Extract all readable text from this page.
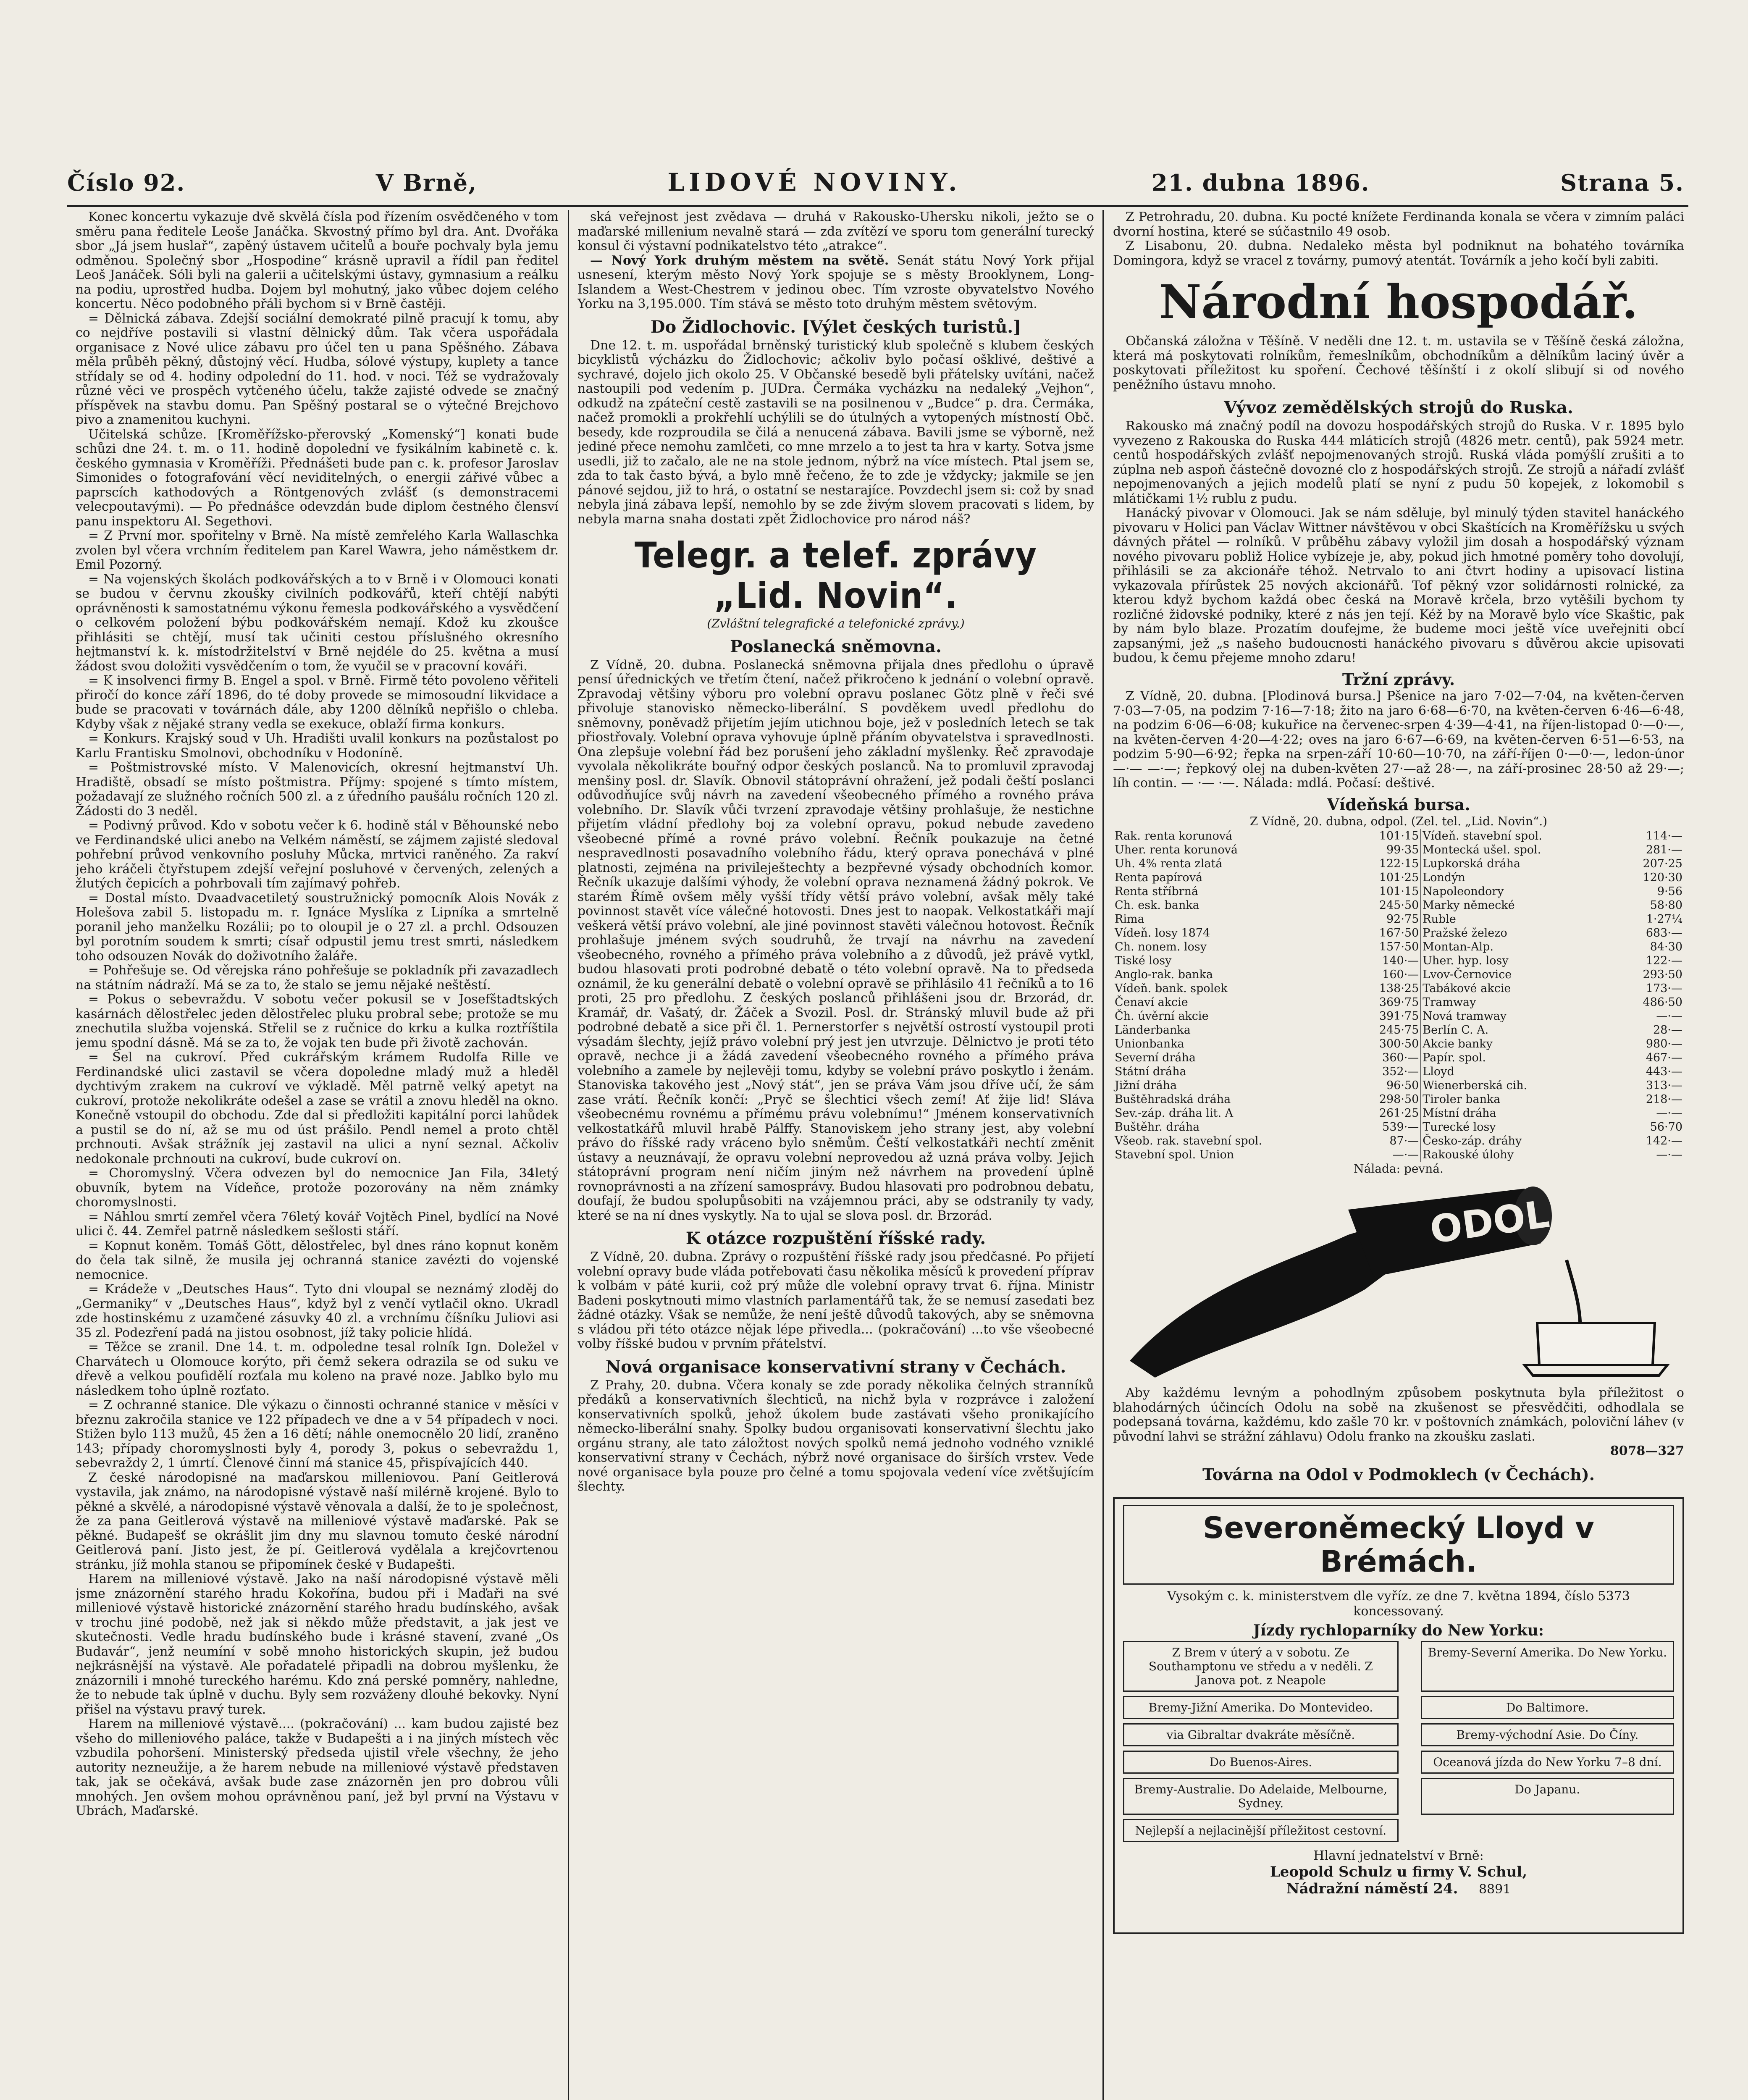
Číslo 92.	V Brně,	LIDOVÉ NOVINY.	21. dubna 1896.	Strana 5.

Konec koncertu vykazuje dvě skvělá čísla pod řízením osvědčeného v tom směru pana ředitele Leoše Janáčka. Skvostný přímo byl dra. Ant. Dvořáka sbor „Já jsem huslař“, zapěný ústavem učitelů a bouře pochvaly byla jemu odměnou. Společný sbor „Hospodine“ krásně upravil a řídil pan ředitel Leoš Janáček. Sóli byli na galerii a učitelskými ústavy, gymnasium a reálku na podiu, uprostřed hudba. Dojem byl mohutný, jako vůbec dojem celého koncertu. Něco podobného přáli bychom si v Brně častěji.

= Dělnická zábava. Zdejší sociální demokraté pilně pracují k tomu, aby co nejdříve postavili si vlastní dělnický dům. Tak včera uspořádala organisace z Nové ulice zábavu pro účel ten u pana Spěšného. Zábava měla průběh pěkný, důstojný věcí. Hudba, sólové výstupy, kuplety a tance střídaly se od 4. hodiny odpolední do 11. hod. v noci. Též se vydražovaly různé věci ve prospěch vytčeného účelu, takže zajisté odvede se značný příspěvek na stavbu domu. Pan Spěšný postaral se o výtečné Brejchovo pivo a znamenitou kuchyni.

Učitelská schůze. [Kroměřížsko-přerovský „Komenský“] konati bude schůzi dne 24. t. m. o 11. hodině dopolední ve fysikálním kabinetě c. k. českého gymnasia v Kroměříži. Přednášeti bude pan c. k. profesor Jaroslav Simonides o fotografování věcí neviditelných, o energii zářivé vůbec a paprscích kathodových a Röntgenových zvlášť (s demonstracemi velecpoutavými). — Po přednášce odevzdán bude diplom čestného člensví panu inspektoru Al. Segethovi.

= Z První mor. spořitelny v Brně. Na místě zemřelého Karla Wallaschka zvolen byl včera vrchním ředitelem pan Karel Wawra, jeho náměstkem dr. Emil Pozorný.

= Na vojenských školách podkovářských a to v Brně i v Olomouci konati se budou v červnu zkoušky civilních podkovářů, kteří chtějí nabýti oprávněnosti k samostatnému výkonu řemesla podkovářského a vysvědčení o celkovém položení býbu podkovářském nemají. Kdož ku zkoušce přihlásiti se chtějí, musí tak učiniti cestou příslušného okresního hejtmanství k. k. místodržitelství v Brně nejdéle do 25. května a musí žádost svou doložiti vysvědčením o tom, že vyučil se v pracovní kováři.

= K insolvenci firmy B. Engel a spol. v Brně. Firmě této povoleno věřiteli přiročí do konce září 1896, do té doby provede se mimosoudní likvidace a bude se pracovati v továrnách dále, aby 1200 dělníků nepřišlo o chleba. Kdyby však z nějaké strany vedla se exekuce, oblaží firma konkurs.

= Konkurs. Krajský soud v Uh. Hradišti uvalil konkurs na pozůstalost po Karlu Frantisku Smolnovi, obchodníku v Hodoníně.

= Poštmistrovské místo. V Malenovicích, okresní hejtmanství Uh. Hradiště, obsadí se místo poštmistra. Příjmy: spojené s tímto místem, požadavají ze služného ročních 500 zl. a z úředního paušálu ročních 120 zl. Žádosti do 3 neděl.

= Podivný průvod. Kdo v sobotu večer k 6. hodině stál v Běhounské nebo ve Ferdinandské ulici anebo na Velkém náměstí, se zájmem zajisté sledoval pohřební průvod venkovního posluhy Můcka, mrtvici raněného. Za rakví jeho kráčeli čtyřstupem zdejší veřejní posluhové v červených, zelených a žlutých čepicích a pohrbovali tím zajímavý pohřeb.

= Dostal místo. Dvaadvacetiletý soustružnický pomocník Alois Novák z Holešova zabil 5. listopadu m. r. Ignáce Myslíka z Lipníka a smrtelně poranil jeho manželku Rozálii; po to oloupil je o 27 zl. a prchl. Odsouzen byl porotním soudem k smrti; císař odpustil jemu trest smrti, následkem toho odsouzen Novák do doživotního žaláře.

= Pohřešuje se. Od věrejska ráno pohřešuje se pokladník při zavazadlech na státním nádraží. Má se za to, že stalo se jemu nějaké neštěstí.

= Pokus o sebevraždu. V sobotu večer pokusil se v Josefštadtských kasárnách dělostřelec jeden dělostřelec pluku probral sebe; protože se mu znechutila služba vojenská. Střelil se z ručnice do krku a kulka roztříštila jemu spodní dásně. Má se za to, že vojak ten bude při životě zachován.

= Šel na cukroví. Před cukrářským krámem Rudolfa Rille ve Ferdinandské ulici zastavil se včera dopoledne mladý muž a hleděl dychtivým zrakem na cukroví ve výkladě. Měl patrně velký apetyt na cukroví, protože nekolikráte odešel a zase se vrátil a znovu hleděl na okno. Konečně vstoupil do obchodu. Zde dal si předložiti kapitální porci lahůdek a pustil se do ní, až se mu od úst prášilo. Pendl nemel a proto chtěl prchnouti. Avšak strážník jej zastavil na ulici a nyní seznal. Ačkoliv nedokonale prchnouti na cukroví, bude cukroví on.

= Choromyslný. Včera odvezen byl do nemocnice Jan Fila, 34letý obuvník, bytem na Vídeňce, protože pozorovány na něm známky choromyslnosti.

= Náhlou smrtí zemřel včera 76letý kovář Vojtěch Pinel, bydlící na Nové ulici č. 44. Zemřel patrně následkem sešlosti stáří.

= Kopnut koněm. Tomáš Gött, dělostřelec, byl dnes ráno kopnut koněm do čela tak silně, že musila jej ochranná stanice zavézti do vojenské nemocnice.

= Krádeže v „Deutsches Haus“. Tyto dni vloupal se neznámý zloděj do „Germaniky“ v „Deutsches Haus“, když byl z venčí vytlačil okno. Ukradl zde hostinskému z uzamčené zásuvky 40 zl. a vrchnímu číšníku Juliovi asi 35 zl. Podezření padá na jistou osobnost, jíž taky policie hlídá.

= Těžce se zranil. Dne 14. t. m. odpoledne tesal rolník Ign. Doležel v Charvátech u Olomouce korýto, při čemž sekera odrazila se od suku ve dřevě a velkou poufidělí rozťala mu koleno na pravé noze. Jablko bylo mu následkem toho úplně rozťato.

= Z ochranné stanice. Dle výkazu o činnosti ochranné stanice v měsíci v březnu zakročila stanice ve 122 případech ve dne a v 54 případech v noci. Stižen bylo 113 mužů, 45 žen a 16 dětí; náhle onemocnělo 20 lidí, zraněno 143; případy choromyslnosti byly 4, porody 3, pokus o sebevraždu 1, sebevraždy 2, 1 úmrtí. Členové činní má stanice 45, přispívajících 440.

Z české národopisné na maďarskou milleniovou. Paní Geitlerová vystavila, jak známo, na národopisné výstavě naší milérně krojené. Bylo to pěkné a skvělé, a národopisné výstavě věnovala a další, že to je společnost, že za pana Geitlerová výstavě na milleniové výstavě maďarské. Pak se pěkné. Budapešť se okrášlit jim dny mu slavnou tomuto české národní Geitlerová paní. Jisto jest, že pí. Geitlerová vydělala a krejčovrtenou stránku, jíž mohla stanou se připomínek české v Budapešti.

Harem na milleniové výstavě. Jako na naší národopisné výstavě měli jsme znázornění starého hradu Kokořína, budou při i Maďaři na své milleniové výstavě historické znázornění starého hradu budínského, avšak v trochu jiné podobě, než jak si někdo může představit, a jak jest ve skutečnosti. Vedle hradu budínského bude i krásné stavení, zvané „Os Budavár“, jenž neumíní v sobě mnoho historických skupin, jež budou nejkrásnější na výstavě. Ale pořadatelé připadli na dobrou myšlenku, že znázornili i mnohé tureckého harému. Kdo zná perské pomněry, nahledne, že to nebude tak úplně v duchu. Byly sem rozváženy dlouhé bekovky. Nyní přišel na výstavu pravý turek.

Harem na milleniové výstavě.... (pokračování) ... kam budou zajisté bez všeho do milleniového paláce, takže v Budapešti a i na jiných místech věc vzbudila pohoršení. Ministerský předseda ujistil vřele všechny, že jeho autority nezneužije, a že harem nebude na milleniové výstavě představen tak, jak se očekává, avšak bude zase znázorněn jen pro dobrou vůli mnohých. Jen ovšem mohou oprávněnou paní, jež byl první na Výstavu v Ubrách, Maďarské.

ská veřejnost jest zvědava — druhá v Rakousko-Uhersku nikoli, ježto se o maďarské millenium nevalně stará — zda zvítězí ve sporu tom generální turecký konsul či výstavní podnikatelstvo této „atrakce“.

— Nový York druhým městem na světě. Senát státu Nový York přijal usnesení, kterým město Nový York spojuje se s městy Brooklynem, Long-Islandem a West-Chestrem v jedinou obec. Tím vzroste obyvatelstvo Nového Yorku na 3,195.000. Tím stává se město toto druhým městem světovým.

Do Židlochovic. [Výlet českých turistů.]

Dne 12. t. m. uspořádal brněnský turistický klub společně s klubem českých bicyklistů výcházku do Židlochovic; ačkoliv bylo počasí ošklivé, deštivé a sychravé, dojelo jich okolo 25. V Občanské besedě byli přátelsky uvítáni, načež nastoupili pod vedením p. JUDra. Čermáka vycházku na nedaleký „Vejhon“, odkudž na zpáteční cestě zastavili se na posilnenou v „Budce“ p. dra. Čermáka, načež promokli a prokřehlí uchýlili se do útulných a vytopených místností Obč. besedy, kde rozproudila se čilá a nenucená zábava. Bavili jsme se výborně, než jediné přece nemohu zamlčeti, co mne mrzelo a to jest ta hra v karty. Sotva jsme usedli, již to začalo, ale ne na stole jednom, nýbrž na více místech. Ptal jsem se, zda to tak často bývá, a bylo mně řečeno, že to zde je vždycky; jakmile se jen pánové sejdou, již to hrá, o ostatní se nestarajíce. Povzdechl jsem si: což by snad nebyla jiná zábava lepší, nemohlo by se zde živým slovem pracovati s lidem, by nebyla marna snaha dostati zpět Židlochovice pro národ náš?

Telegr. a telef. zprávy „Lid. Novin“.
(Zvláštní telegrafické a telefonické zprávy.)
Poslanecká sněmovna.

Z Vídně, 20. dubna. Poslanecká sněmovna přijala dnes předlohu o úpravě pensí úřednických ve třetím čtení, načež přikročeno k jednání o volební opravě. Zpravodaj většiny výboru pro volební opravu poslanec Götz plně v řeči své přivoluje stanovisko německo-liberální. S povděkem uvedl předlohu do sněmovny, poněvadž přijetím jejím utichnou boje, jež v posledních letech se tak přiostřovaly. Volební oprava vyhovuje úplně přáním obyvatelstva i spravedlnosti. Ona zlepšuje volební řád bez porušení jeho základní myšlenky. Řeč zpravodaje vyvolala několikráte bouřný odpor českých poslanců. Na to promluvil zpravodaj menšiny posl. dr. Slavík. Obnovil státoprávní ohražení, jež podali čeští poslanci odůvodňujíce svůj návrh na zavedení všeobecného přímého a rovného práva volebního. Dr. Slavík vůči tvrzení zpravodaje většiny prohlašuje, že nestichne přijetím vládní předlohy boj za volební opravu, pokud nebude zavedeno všeobecné přímé a rovné právo volební. Řečník poukazuje na četné nespravedlnosti posavadního volebního řádu, který oprava ponechává v plné platnosti, zejména na privileještechty a bezpřevné výsady obchodních komor. Řečník ukazuje dalšími výhody, že volební oprava neznamená žádný pokrok. Ve starém Římě ovšem měly vyšší třídy větší právo volební, avšak měly také povinnost stavět více válečné hotovosti. Dnes jest to naopak. Velkostatkáři mají veškerá větší právo volební, ale jiné povinnost stavěti válečnou hotovost. Řečník prohlašuje jménem svých soudruhů, že trvají na návrhu na zavedení všeobecného, rovného a přímého práva volebního a z důvodů, jež právě vytkl, budou hlasovati proti podrobné debatě o této volební opravě. Na to předseda oznámil, že ku generální debatě o volební opravě se přihlásilo 41 řečníků a to 16 proti, 25 pro předlohu. Z českých poslanců přihlášeni jsou dr. Brzorád, dr. Kramář, dr. Vašatý, dr. Žáček a Svozil. Posl. dr. Stránský mluvil bude až při podrobné debatě a sice při čl. 1. Pernerstorfer s největší ostrostí vystoupil proti výsadám šlechty, jejíž právo volební prý jest jen utvrzuje. Dělnictvo je proti této opravě, nechce ji a žádá zavedení všeobecného rovného a přímého práva volebního a zamele by nejlevěji tomu, kdyby se volební právo poskytlo i ženám. Stanoviska takového jest „Nový stát“, jen se práva Vám jsou dříve učí, že sám zase vrátí. Řečník končí: „Pryč se šlechtici všech zemí! Ať žije lid! Sláva všeobecnému rovnému a přímému právu volebnímu!“ Jménem konservativních velkostatkářů mluvil hrabě Pálffy. Stanoviskem jeho strany jest, aby volební právo do říšské rady vráceno bylo sněmům. Čeští velkostatkáři nechtí změnit ústavy a neuznávají, že opravu volební neprovedou až uzná práva volby. Jejich státoprávní program není ničím jiným než návrhem na provedení úplně rovnoprávnosti a na zřízení samosprávy. Budou hlasovati pro podrobnou debatu, doufají, že budou spolupůsobiti na vzájemnou práci, aby se odstranily ty vady, které se na ní dnes vyskytly. Na to ujal se slova posl. dr. Brzorád.

K otázce rozpuštění říšské rady.

Z Vídně, 20. dubna. Zprávy o rozpuštění říšské rady jsou předčasné. Po přijetí volební opravy bude vláda potřebovati času několika měsíců k provedení příprav k volbám v páté kurii, což prý může dle volební opravy trvat 6. října. Ministr Badeni poskytnouti mimo vlastních parlamentářů tak, že se nemusí zasedati bez žádné otázky. Však se nemůže, že není ještě důvodů takových, aby se sněmovna s vládou při této otázce nějak lépe přivedla... (pokračování) ...to vše všeobecné volby říšské budou v prvním přátelství.

Nová organisace konservativní strany v Čechách.

Z Prahy, 20. dubna. Včera konaly se zde porady několika čelných stranníků předáků a konservativních šlechticů, na nichž byla v rozprávce i založení konservativních spolků, jehož úkolem bude zastávati všeho pronikajícího německo-liberální snahy. Spolky budou organisovati konservativní šlechtu jako orgánu strany, ale tato záložtost nových spolků nemá jednoho vodného vzniklé konservativní strany v Čechách, nýbrž nové organisace do širších vrstev. Vede nové organisace byla pouze pro čelné a tomu spojovala vedení více zvětšujícím šlechty.

Z Petrohradu, 20. dubna. Ku pocté knížete Ferdinanda konala se včera v zimním paláci dvorní hostina, které se súčastnilo 49 osob.

Z Lisabonu, 20. dubna. Nedaleko města byl podniknut na bohatého továrníka Domingora, když se vracel z továrny, pumový atentát. Továrník a jeho kočí byli zabiti.

Národní hospodář.

Občanská záložna v Těšíně. V neděli dne 12. t. m. ustavila se v Těšíně česká záložna, která má poskytovati rolníkům, řemeslníkům, obchodníkům a dělníkům laciný úvěr a poskytovati příležitost ku spoření. Čechové těšínští i z okolí slibují si od nového peněžního ústavu mnoho.

Vývoz zemědělských strojů do Ruska.

Rakousko má značný podíl na dovozu hospodářských strojů do Ruska. V r. 1895 bylo vyvezeno z Rakouska do Ruska 444 mláticích strojů (4826 metr. centů), pak 5924 metr. centů hospodářských zvlášť nepojmenovaných strojů. Ruská vláda pomýšlí zrušiti a to zúplna neb aspoň částečně dovozné clo z hospodářských strojů. Ze strojů a nářadí zvlášť nepojmenovaných a jejich modelů platí se nyní z pudu 50 kopejek, z lokomobil s mlátičkami 1½ rublu z pudu.

Hanácký pivovar v Olomouci. Jak se nám sděluje, byl minulý týden stavitel hanáckého pivovaru v Holici pan Václav Wittner návštěvou v obci Skaštících na Kroměřížsku u svých dávných přátel — rolníků. V průběhu zábavy vyložil jim dosah a hospodářský význam nového pivovaru pobliž Holice vybízeje je, aby, pokud jich hmotné poměry toho dovolují, přihlásili se za akcionáře téhož. Netrvalo to ani čtvrt hodiny a upisovací listina vykazovala přírůstek 25 nových akcionářů. Tof pěkný vzor solidárnosti rolnické, za kterou když bychom každá obec česká na Moravě krčela, brzo vytěšili bychom ty rozličné židovské podniky, které z nás jen tejí. Kéž by na Moravě bylo více Skaštic, pak by nám bylo blaze. Prozatím doufejme, že budeme moci ještě více uveřejniti obcí zapsanými, jež „s našeho budoucnosti hanáckého pivovaru s důvěrou akcie upisovati budou, k čemu přejeme mnoho zdaru!

Tržní zprávy.

Z Vídně, 20. dubna. [Plodinová bursa.] Pšenice na jaro 7·02—7·04, na květen-červen 7·03—7·05, na podzim 7·16—7·18; žito na jaro 6·68—6·70, na květen-červen 6·46—6·48, na podzim 6·06—6·08; kukuřice na červenec-srpen 4·39—4·41, na říjen-listopad 0·—0·—, na květen-červen 4·20—4·22; oves na jaro 6·67—6·69, na květen-červen 6·51—6·53, na podzim 5·90—6·92; řepka na srpen-září 10·60—10·70, na září-říjen 0·—0·—, ledon-únor —·— —·—; řepkový olej na duben-květen 27·—až 28·—, na září-prosinec 28·50 až 29·—; líh contin. — ·— ·—. Nálada: mdlá. Počasí: deštivé.

Vídeňská bursa.
Z Vídně, 20. dubna, odpol. (Zel. tel. „Lid. Novin“.)
Rak. renta korunová	101·15	Vídeň. stavební spol.	114·—
Uher. renta korunová	99·35	Montecká ušel. spol.	281·—
Uh. 4% renta zlatá	122·15	Lupkorská dráha	207·25
Renta papírová	101·25	Londýn	120·30
Renta stříbrná	101·15	Napoleondory	9·56
Ch. esk. banka	245·50	Marky německé	58·80
Rima	92·75	Ruble	1·27¼
Vídeň. losy 1874	167·50	Pražské železo	683·—
Ch. nonem. losy	157·50	Montan-Alp.	84·30
Tiské losy	140·—	Uher. hyp. losy	122·—
Anglo-rak. banka	160·—	Lvov-Černovice	293·50
Vídeň. bank. spolek	138·25	Tabákové akcie	173·—
Čenaví akcie	369·75	Tramway	486·50
Čh. úvěrní akcie	391·75	Nová tramway	—·—
Länderbanka	245·75	Berlín C. A.	28·—
Unionbanka	300·50	Akcie banky	980·—
Severní dráha	360·—	Papír. spol.	467·—
Státní dráha	352·—	Lloyd	443·—
Jižní dráha	96·50	Wienerberská cih.	313·—
Buštěhradská dráha	298·50	Tiroler banka	218·—
Sev.-záp. dráha lit. A	261·25	Místní dráha	—·—
Buštěhr. dráha	539·—	Turecké losy	56·70
Všeob. rak. stavební spol.	87·—	Česko-záp. dráhy	142·—
Stavební spol. Union	—·—	Rakouské úlohy	—·—
Nálada: pevná.
ODOL

Aby každému levným a pohodlným způsobem poskytnuta byla příležitost o blahodárných účincích Odolu na sobě na zkušenost se přesvědčiti, odhodlala se podepsaná továrna, každému, kdo zašle 70 kr. v poštovních známkách, poloviční láhev (v původní lahvi se strážní záhlavu) Odolu franko na zkoušku zaslati.

8078—327
Továrna na Odol v Podmoklech (v Čechách).
Severoněmecký Lloyd v Brémách.
Vysokým c. k. ministerstvem dle vyříz. ze dne 7. května 1894, číslo 5373 koncessovaný.
Jízdy rychloparníky do New Yorku:
Z Brem v úterý a v sobotu. Ze Southamptonu ve středu a v neděli. Z Janova pot. z Neapole
Bremy-Severní Amerika. Do New Yorku.
Bremy-Jižní Amerika. Do Montevideo.	Do Baltimore.
via Gibraltar dvakráte měsíčně.	Bremy-východní Asie. Do Číny.
Do Buenos-Aires.	Oceanová jízda do New Yorku 7–8 dní.
Bremy-Australie. Do Adelaide, Melbourne, Sydney.
Do Japanu.
Nejlepší a nejlacinější příležitost cestovní.
Hlavní jednatelství v Brně:
Leopold Schulz u firmy V. Schul,
Nádražní náměstí 24. 8891
